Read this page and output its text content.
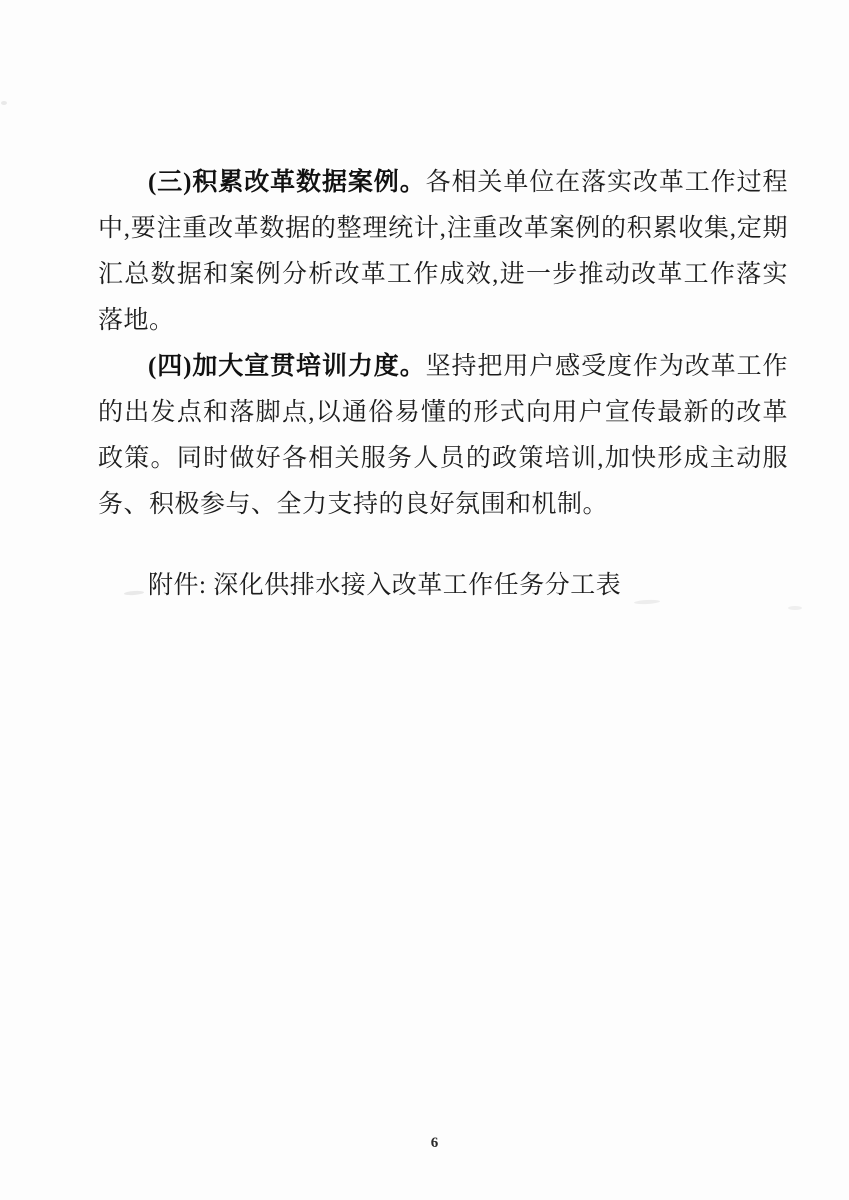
(三)积累改革数据案例。各相关单位在落实改革工作过程中,要注重改革数据的整理统计,注重改革案例的积累收集,定期汇总数据和案例分析改革工作成效,进一步推动改革工作落实落地。

(四)加大宣贯培训力度。坚持把用户感受度作为改革工作的出发点和落脚点,以通俗易懂的形式向用户宣传最新的改革政策。同时做好各相关服务人员的政策培训,加快形成主动服务、积极参与、全力支持的良好氛围和机制。

附件: 深化供排水接入改革工作任务分工表

6
